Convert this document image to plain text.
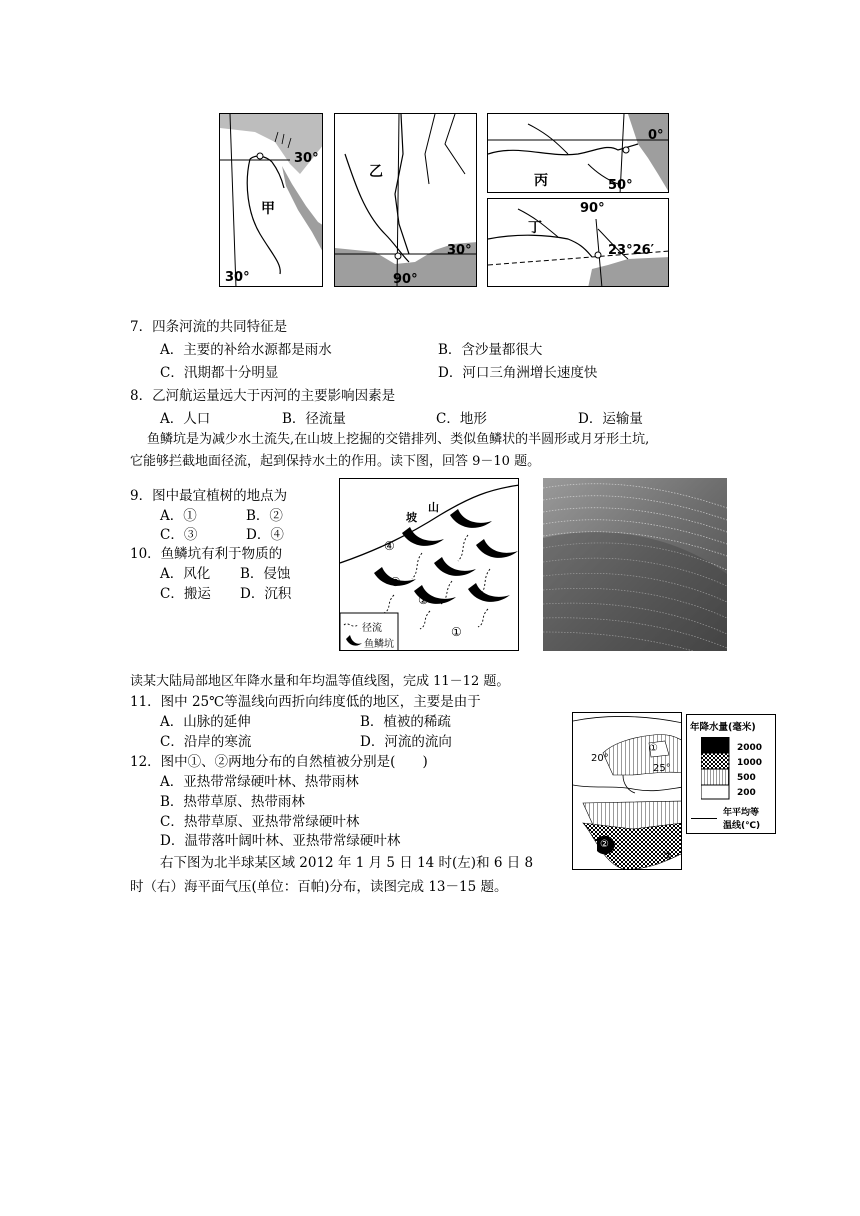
30°
甲
30°
乙
30°
90°
0°
丙	50°
90°
丁
23°26′
7．四条河流的共同特征是
A．主要的补给水源都是雨水	B．含沙量都很大
C．汛期都十分明显	D．河口三角洲增长速度快
8．乙河航运量远大于丙河的主要影响因素是
A．人口	B．径流量	C．地形	D．运输量
鱼鳞坑是为减少水土流失,在山坡上挖掘的交错排列、类似鱼鳞状的半圆形或月牙形土坑,
它能够拦截地面径流，起到保持水土的作用。读下图，回答 9－10 题。
9．图中最宜植树的地点为
A．①	B．②
C．③	D．④
10．鱼鳞坑有利于物质的
A．风化 B．侵蚀
C．搬运 D．沉积
山
坡
④
③
②
①
径流
鱼鳞坑
读某大陆局部地区年降水量和年均温等值线图，完成 11－12 题。
11．图中 25℃等温线向西折向纬度低的地区，主要是由于
A．山脉的延伸	B．植被的稀疏
C．沿岸的寒流	D．河流的流向
12．图中①、②两地分布的自然植被分别是(　　)
A．亚热带常绿硬叶林、热带雨林
B．热带草原、热带雨林
C．热带草原、亚热带常绿硬叶林
D．温带落叶阔叶林、亚热带常绿硬叶林
20°
25°
①
②
③
年降水量(毫米)
2000
1000
500
200
年平均等
温线(℃)
右下图为北半球某区域 2012 年 1 月 5 日 14 时(左)和 6 日 8
时（右）海平面气压(单位：百帕)分布，读图完成 13－15 题。
